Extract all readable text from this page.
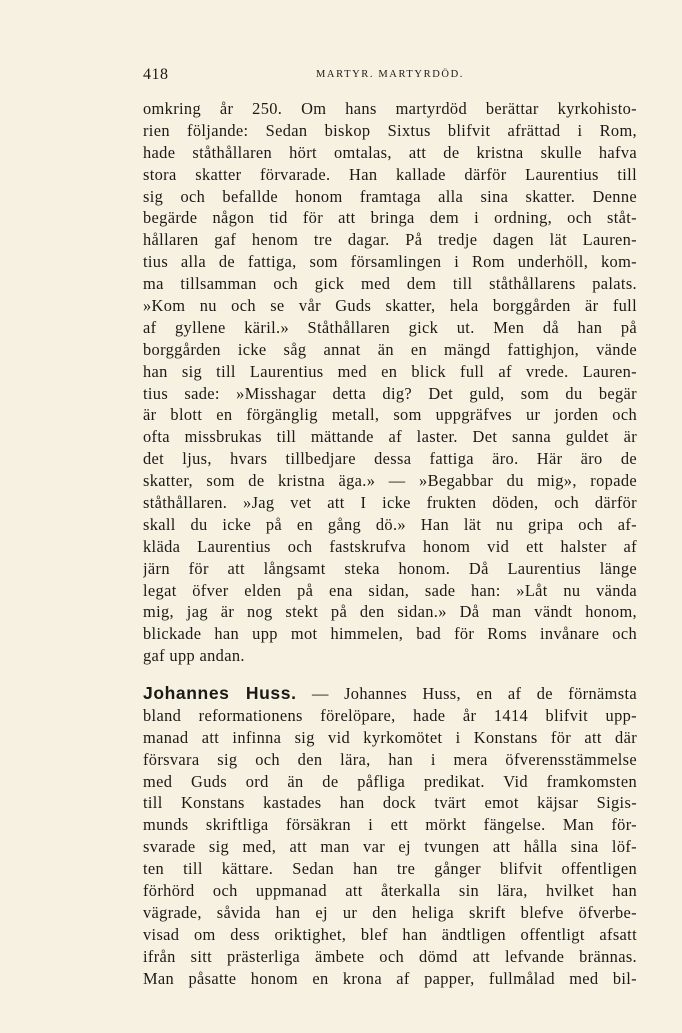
418	MARTYR. MARTYRDÖD.
omkring år 250. Om hans martyrdöd berättar kyrkohisto-
rien följande: Sedan biskop Sixtus blifvit afrättad i Rom,
hade ståthållaren hört omtalas, att de kristna skulle hafva
stora skatter förvarade. Han kallade därför Laurentius till
sig och befallde honom framtaga alla sina skatter. Denne
begärde någon tid för att bringa dem i ordning, och ståt-
hållaren gaf henom tre dagar. På tredje dagen lät Lauren-
tius alla de fattiga, som församlingen i Rom underhöll, kom-
ma tillsamman och gick med dem till ståthållarens palats.
»Kom nu och se vår Guds skatter, hela borggården är full
af gyllene käril.» Ståthållaren gick ut. Men då han på
borggården icke såg annat än en mängd fattighjon, vände
han sig till Laurentius med en blick full af vrede. Lauren-
tius sade: »Misshagar detta dig? Det guld, som du begär
är blott en förgänglig metall, som uppgräfves ur jorden och
ofta missbrukas till mättande af laster. Det sanna guldet är
det ljus, hvars tillbedjare dessa fattiga äro. Här äro de
skatter, som de kristna äga.» — »Begabbar du mig», ropade
ståthållaren. »Jag vet att I icke frukten döden, och därför
skall du icke på en gång dö.» Han lät nu gripa och af-
kläda Laurentius och fastskrufva honom vid ett halster af
järn för att långsamt steka honom. Då Laurentius länge
legat öfver elden på ena sidan, sade han: »Låt nu vända
mig, jag är nog stekt på den sidan.» Då man vändt honom,
blickade han upp mot himmelen, bad för Roms invånare och
gaf upp andan.
Johannes Huss. — Johannes Huss, en af de förnämsta
bland reformationens förelöpare, hade år 1414 blifvit upp-
manad att infinna sig vid kyrkomötet i Konstans för att där
försvara sig och den lära, han i mera öfverensstämmelse
med Guds ord än de påfliga predikat. Vid framkomsten
till Konstans kastades han dock tvärt emot käjsar Sigis-
munds skriftliga försäkran i ett mörkt fängelse. Man för-
svarade sig med, att man var ej tvungen att hålla sina löf-
ten till kättare. Sedan han tre gånger blifvit offentligen
förhörd och uppmanad att återkalla sin lära, hvilket han
vägrade, såvida han ej ur den heliga skrift blefve öfverbe-
visad om dess oriktighet, blef han ändtligen offentligt afsatt
ifrån sitt prästerliga ämbete och dömd att lefvande brännas.
Man påsatte honom en krona af papper, fullmålad med bil-
